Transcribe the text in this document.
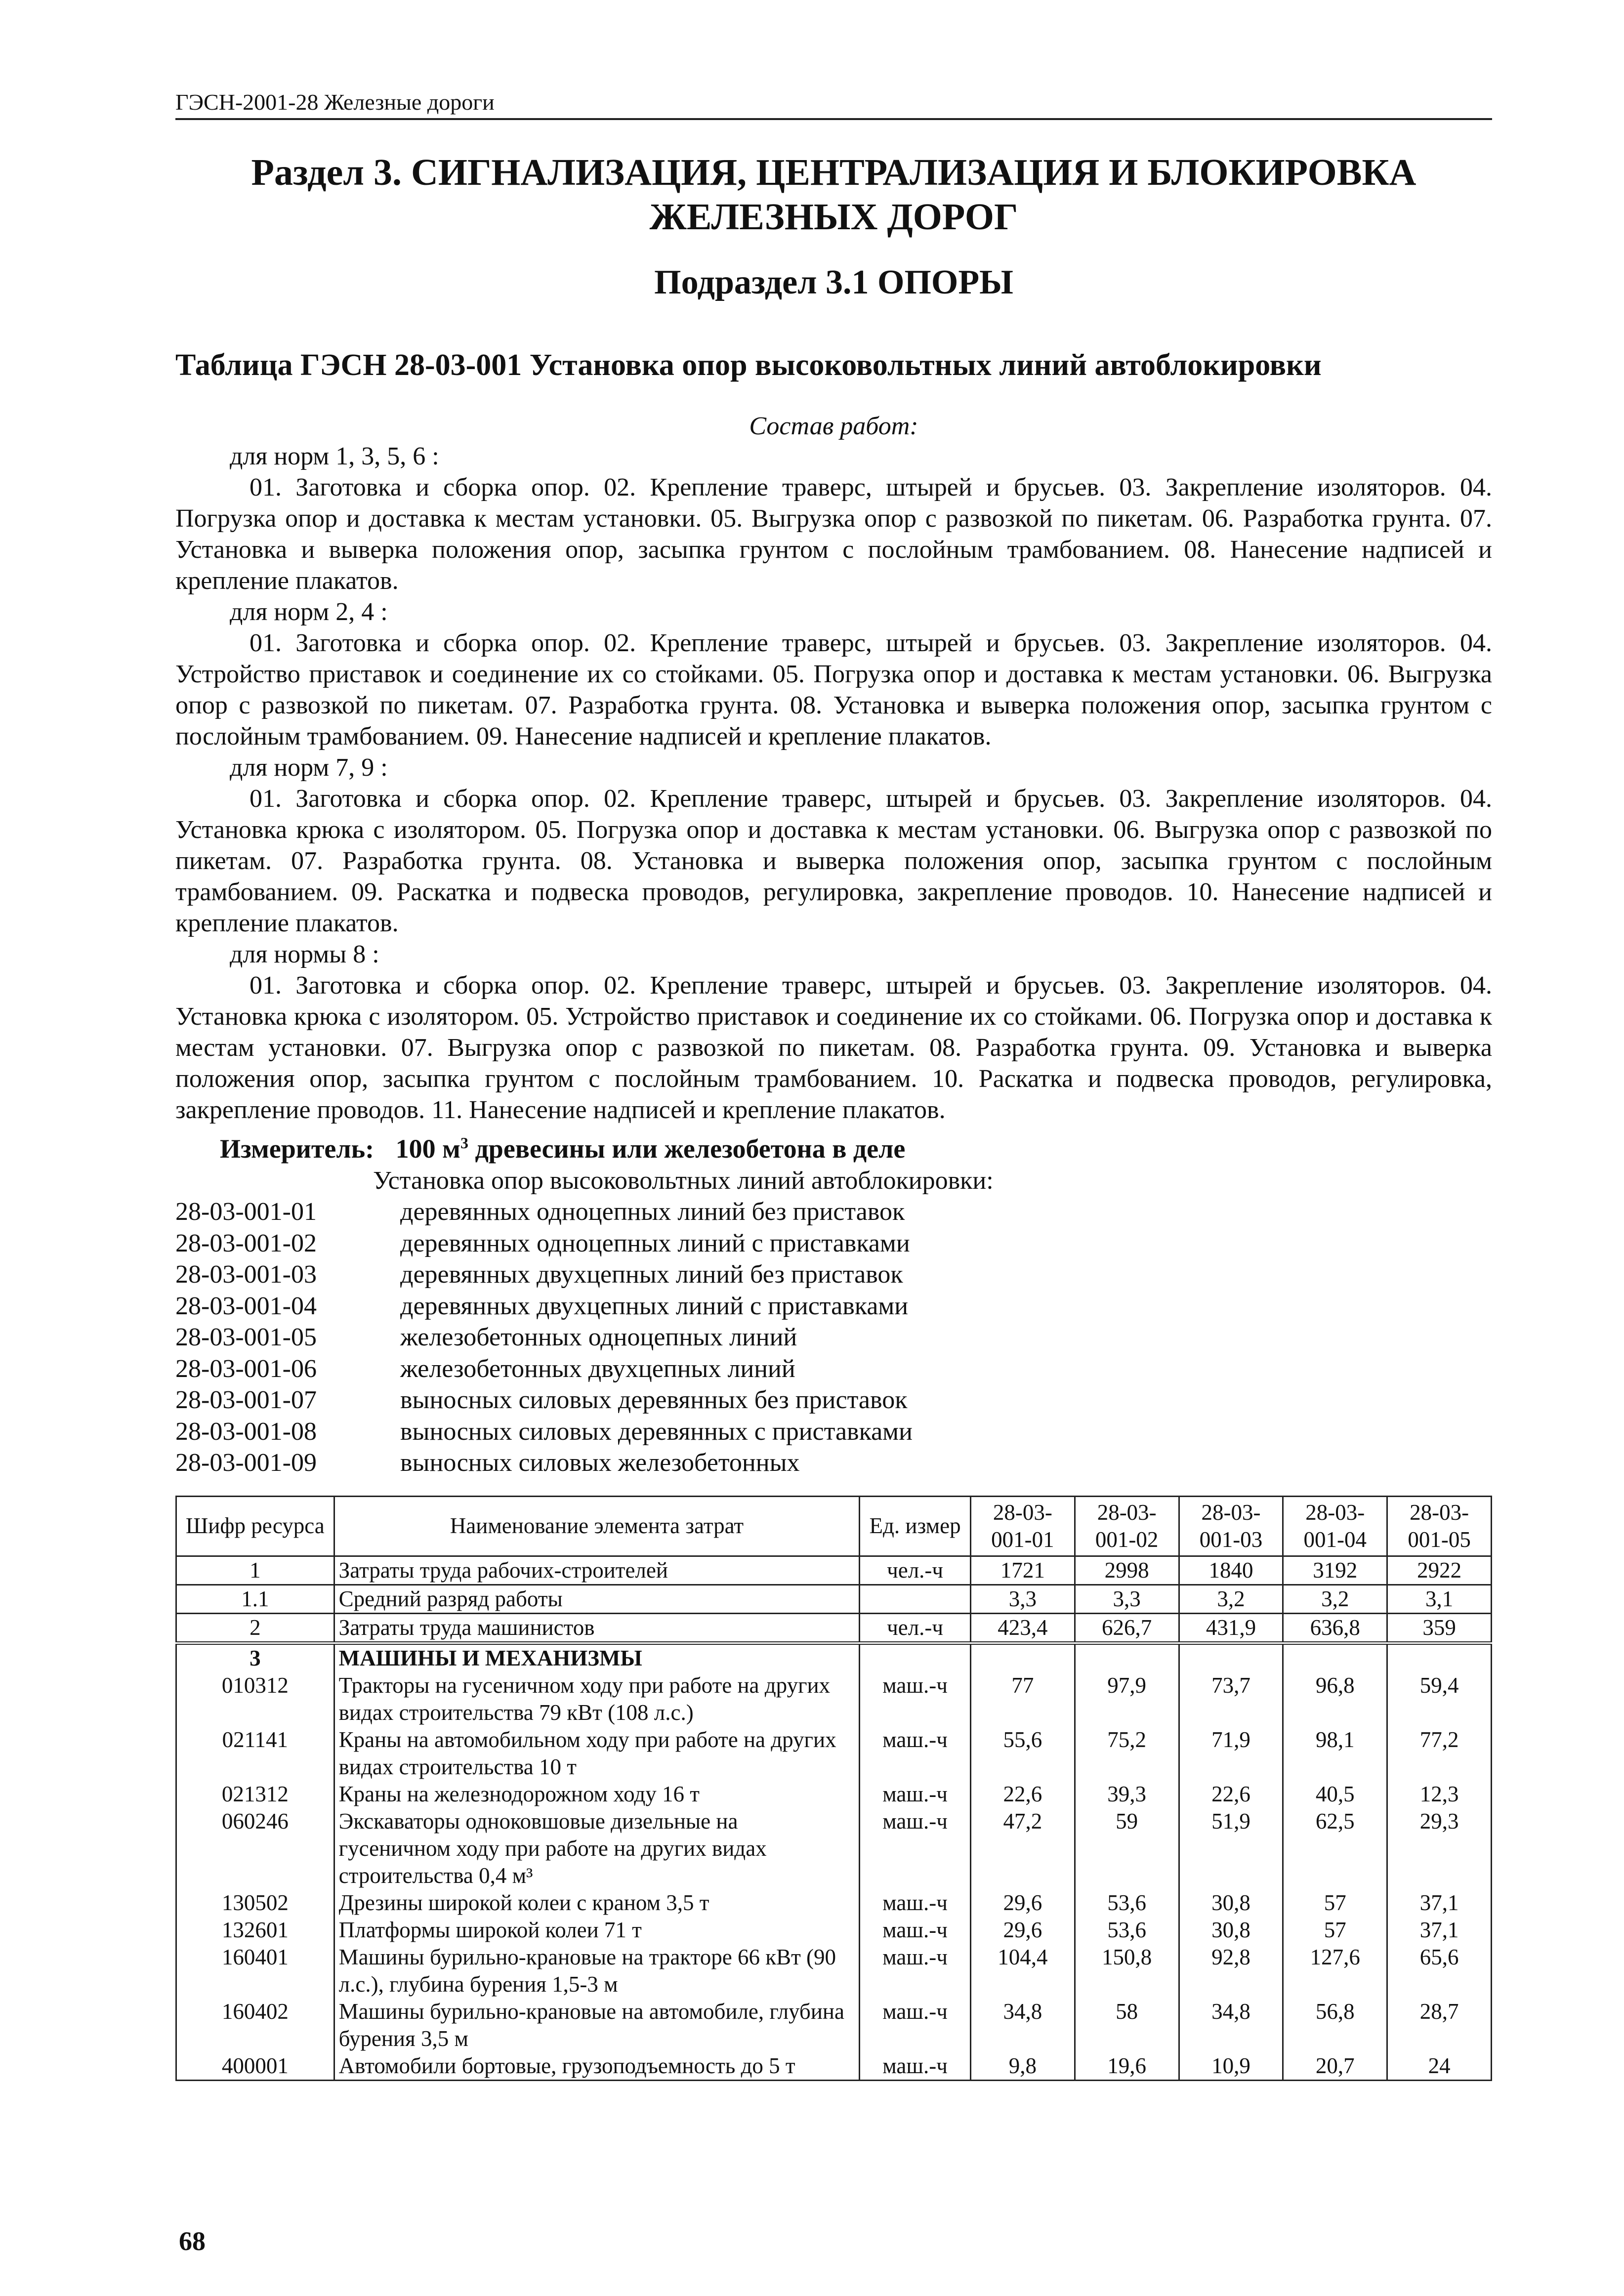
ГЭСН-2001-28 Железные дороги
Раздел 3. СИГНАЛИЗАЦИЯ, ЦЕНТРАЛИЗАЦИЯ И БЛОКИРОВКА
ЖЕЛЕЗНЫХ ДОРОГ
Подраздел 3.1 ОПОРЫ
Таблица ГЭСН 28-03-001 Установка опор высоковольтных линий автоблокировки
Состав работ:

для норм 1, 3, 5, 6 :

01. Заготовка и сборка опор. 02. Крепление траверс, штырей и брусьев. 03. Закрепление изоляторов. 04. Погрузка опор и доставка к местам установки. 05. Выгрузка опор с развозкой по пикетам. 06. Разработка грунта. 07. Установка и выверка положения опор, засыпка грунтом с послойным трамбованием. 08. Нанесение надписей и крепление плакатов.

для норм 2, 4 :

01. Заготовка и сборка опор. 02. Крепление траверс, штырей и брусьев. 03. Закрепление изоляторов. 04. Устройство приставок и соединение их со стойками. 05. Погрузка опор и доставка к местам установки. 06. Выгрузка опор с развозкой по пикетам. 07. Разработка грунта. 08. Установка и выверка положения опор, засыпка грунтом с послойным трамбованием. 09. Нанесение надписей и крепление плакатов.

для норм 7, 9 :

01. Заготовка и сборка опор. 02. Крепление траверс, штырей и брусьев. 03. Закрепление изоляторов. 04. Установка крюка с изолятором. 05. Погрузка опор и доставка к местам установки. 06. Выгрузка опор с развозкой по пикетам. 07. Разработка грунта. 08. Установка и выверка положения опор, засыпка грунтом с послойным трамбованием. 09. Раскатка и подвеска проводов, регулировка, закрепление проводов. 10. Нанесение надписей и крепление плакатов.

для нормы 8 :

01. Заготовка и сборка опор. 02. Крепление траверс, штырей и брусьев. 03. Закрепление изоляторов. 04. Установка крюка с изолятором. 05. Устройство приставок и соединение их со стойками. 06. Погрузка опор и доставка к местам установки. 07. Выгрузка опор с развозкой по пикетам. 08. Разработка грунта. 09. Установка и выверка положения опор, засыпка грунтом с послойным трамбованием. 10. Раскатка и подвеска проводов, регулировка, закрепление проводов. 11. Нанесение надписей и крепление плакатов.

Измеритель: 100 $м^3$ древесины или железобетона в деле
Установка опор высоковольтных линий автоблокировки:
28-03-001-01	деревянных одноцепных линий без приставок
28-03-001-02	деревянных одноцепных линий с приставками
28-03-001-03	деревянных двухцепных линий без приставок
28-03-001-04	деревянных двухцепных линий с приставками
28-03-001-05	железобетонных одноцепных линий
28-03-001-06	железобетонных двухцепных линий
28-03-001-07	выносных силовых деревянных без приставок
28-03-001-08	выносных силовых деревянных с приставками
28-03-001-09	выносных силовых железобетонных
Шифр ресурса	Наименование элемента затрат	Ед. измер	28-03-001-01	28-03-001-02	28-03-001-03	28-03-001-04	28-03-001-05
1	Затраты труда рабочих-строителей	чел.-ч	1721	2998	1840	3192	2922
1.1	Средний разряд работы		3,3	3,3	3,2	3,2	3,1
2	Затраты труда машинистов	чел.-ч	423,4	626,7	431,9	636,8	359
3	МАШИНЫ И МЕХАНИЗМЫ						
010312	Тракторы на гусеничном ходу при работе на других видах строительства 79 кВт (108 л.с.)	маш.-ч	77	97,9	73,7	96,8	59,4
021141	Краны на автомобильном ходу при работе на других видах строительства 10 т	маш.-ч	55,6	75,2	71,9	98,1	77,2
021312	Краны на железнодорожном ходу 16 т	маш.-ч	22,6	39,3	22,6	40,5	12,3
060246	Экскаваторы одноковшовые дизельные на гусеничном ходу при работе на других видах строительства 0,4 м³	маш.-ч	47,2	59	51,9	62,5	29,3
130502	Дрезины широкой колеи с краном 3,5 т	маш.-ч	29,6	53,6	30,8	57	37,1
132601	Платформы широкой колеи 71 т	маш.-ч	29,6	53,6	30,8	57	37,1
160401	Машины бурильно-крановые на тракторе 66 кВт (90 л.с.), глубина бурения 1,5-3 м	маш.-ч	104,4	150,8	92,8	127,6	65,6
160402	Машины бурильно-крановые на автомобиле, глубина бурения 3,5 м	маш.-ч	34,8	58	34,8	56,8	28,7
400001	Автомобили бортовые, грузоподъемность до 5 т	маш.-ч	9,8	19,6	10,9	20,7	24
68
